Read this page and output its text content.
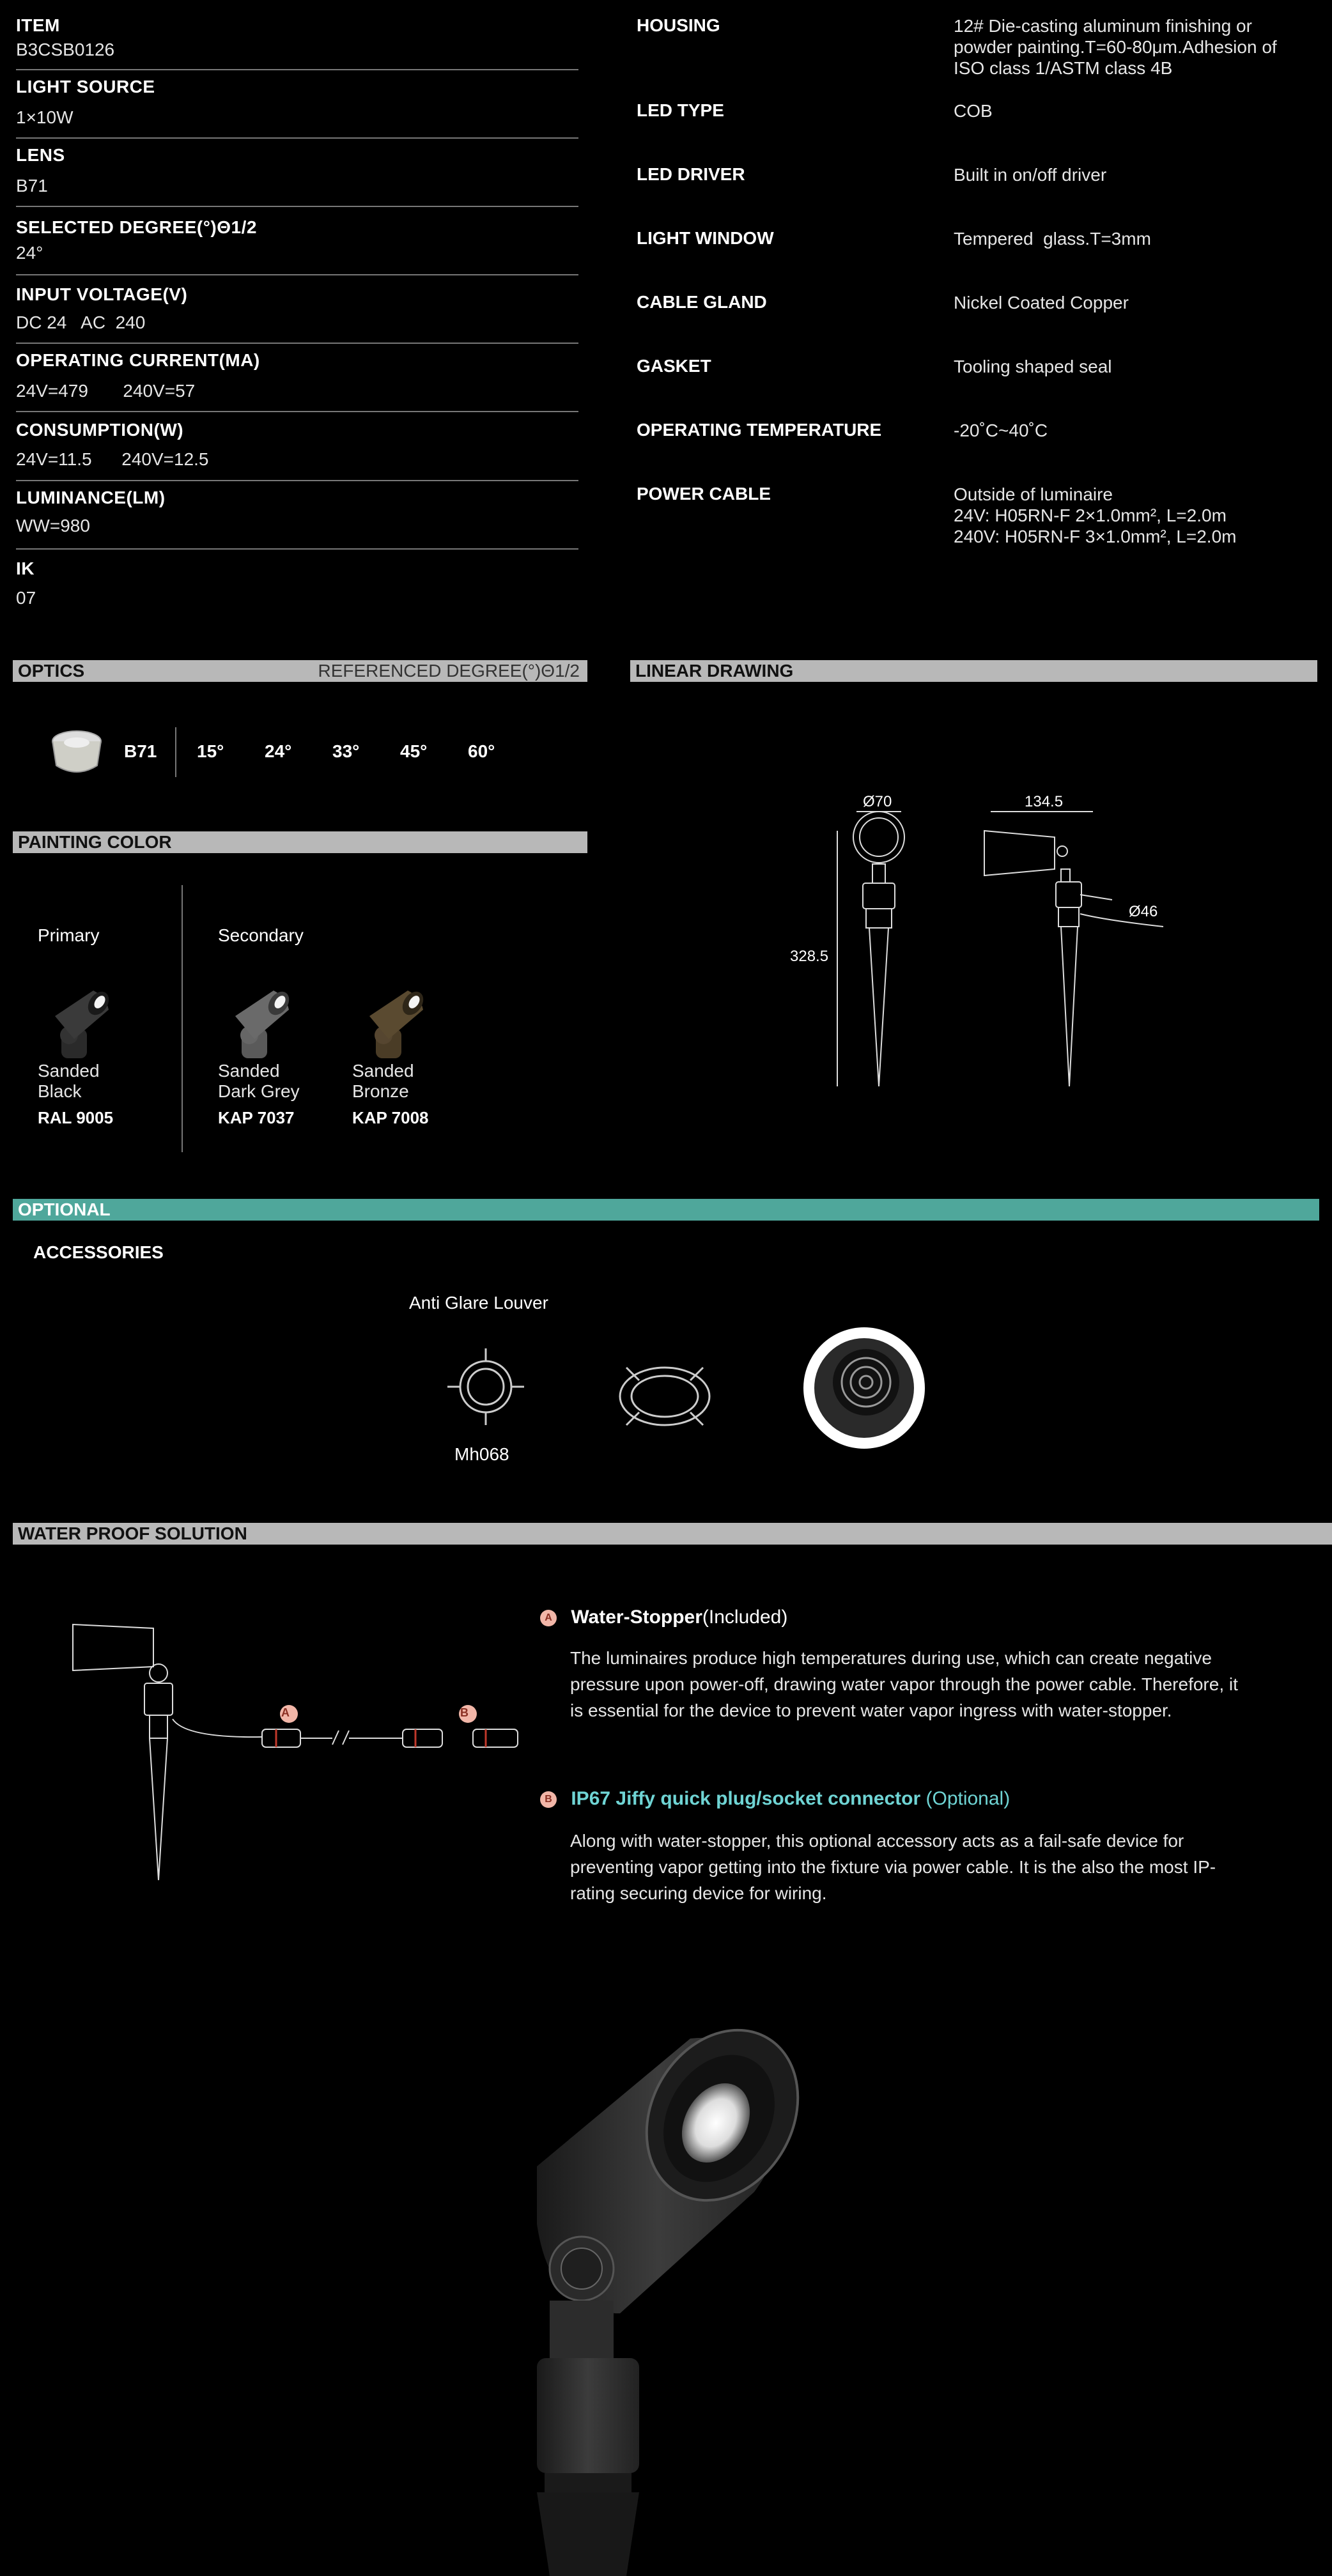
ITEM
B3CSB0126
LIGHT SOURCE
1×10W
LENS
B71
SELECTED DEGREE(°)Θ1/2
24°
INPUT VOLTAGE(V)
DC 24   AC  240
OPERATING CURRENT(MA)
24V=479       240V=57
CONSUMPTION(W)
24V=11.5      240V=12.5
LUMINANCE(LM)
WW=980
IK
07
HOUSING	12# Die-casting aluminum finishing or powder painting.T=60-80μm.Adhesion of ISO class 1/ASTM class 4B
LED TYPE	COB
LED DRIVER	Built in on/off driver
LIGHT WINDOW	Tempered  glass.T=3mm
CABLE GLAND	Nickel Coated Copper
GASKET	Tooling shaped seal
OPERATING TEMPERATURE	-20˚C~40˚C
POWER CABLE	Outside of luminaire
24V: H05RN-F 2×1.0mm², L=2.0m
240V: H05RN-F 3×1.0mm², L=2.0m
OPTICS	REFERENCED DEGREE(°)Θ1/2	LINEAR DRAWING
B71 15° 24° 33° 45° 60°
PAINTING COLOR
Primary	Secondary
Sanded
Black
RAL 9005
Sanded
Dark Grey
KAP 7037
Sanded
Bronze
KAP 7008
Ø70	134.5
328.5
Ø46
OPTIONAL
ACCESSORIES
Anti Glare Louver
Mh068
WATER PROOF SOLUTION
A	B
A Water-Stopper(Included)
The luminaires produce high temperatures during use, which can create negative pressure upon power-off, drawing water vapor through the power cable. Therefore, it is essential for the device to prevent water vapor ingress with water-stopper.
B IP67 Jiffy quick plug/socket connector (Optional)
Along with water-stopper, this optional accessory acts as a fail-safe device for preventing vapor getting into the fixture via power cable. It is the also the most IP-rating securing device for wiring.
